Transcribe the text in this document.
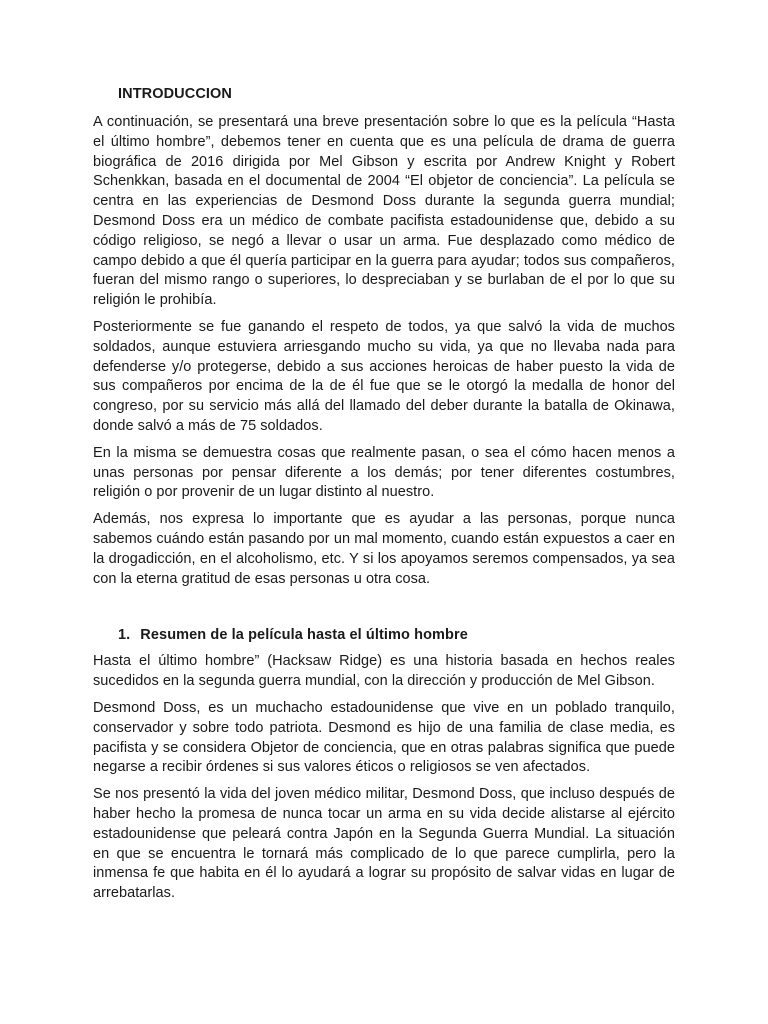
INTRODUCCION

A continuación, se presentará una breve presentación sobre lo que es la película “Hasta el último hombre”, debemos tener en cuenta que es una película de drama de guerra biográfica de 2016 dirigida por Mel Gibson y escrita por Andrew Knight y Robert Schenkkan, basada en el documental de 2004 “El objetor de conciencia”. La película se centra en las experiencias de Desmond Doss durante la segunda guerra mundial; Desmond Doss era un médico de combate pacifista estadounidense que, debido a su código religioso, se negó a llevar o usar un arma. Fue desplazado como médico de campo debido a que él quería participar en la guerra para ayudar; todos sus compañeros, fueran del mismo rango o superiores, lo despreciaban y se burlaban de el por lo que su religión le prohibía.

Posteriormente se fue ganando el respeto de todos, ya que salvó la vida de muchos soldados, aunque estuviera arriesgando mucho su vida, ya que no llevaba nada para defenderse y/o protegerse, debido a sus acciones heroicas de haber puesto la vida de sus compañeros por encima de la de él fue que se le otorgó la medalla de honor del congreso, por su servicio más allá del llamado del deber durante la batalla de Okinawa, donde salvó a más de 75 soldados.

En la misma se demuestra cosas que realmente pasan, o sea el cómo hacen menos a unas personas por pensar diferente a los demás; por tener diferentes costumbres, religión o por provenir de un lugar distinto al nuestro.

Además, nos expresa lo importante que es ayudar a las personas, porque nunca sabemos cuándo están pasando por un mal momento, cuando están expuestos a caer en la drogadicción, en el alcoholismo, etc. Y si los apoyamos seremos compensados, ya sea con la eterna gratitud de esas personas u otra cosa.

1. Resumen de la película hasta el último hombre

Hasta el último hombre” (Hacksaw Ridge) es una historia basada en hechos reales sucedidos en la segunda guerra mundial, con la dirección y producción de Mel Gibson.

Desmond Doss, es un muchacho estadounidense que vive en un poblado tranquilo, conservador y sobre todo patriota. Desmond es hijo de una familia de clase media, es pacifista y se considera Objetor de conciencia, que en otras palabras significa que puede negarse a recibir órdenes si sus valores éticos o religiosos se ven afectados.

Se nos presentó la vida del joven médico militar, Desmond Doss, que incluso después de haber hecho la promesa de nunca tocar un arma en su vida decide alistarse al ejército estadounidense que peleará contra Japón en la Segunda Guerra Mundial. La situación en que se encuentra le tornará más complicado de lo que parece cumplirla, pero la inmensa fe que habita en él lo ayudará a lograr su propósito de salvar vidas en lugar de arrebatarlas.
